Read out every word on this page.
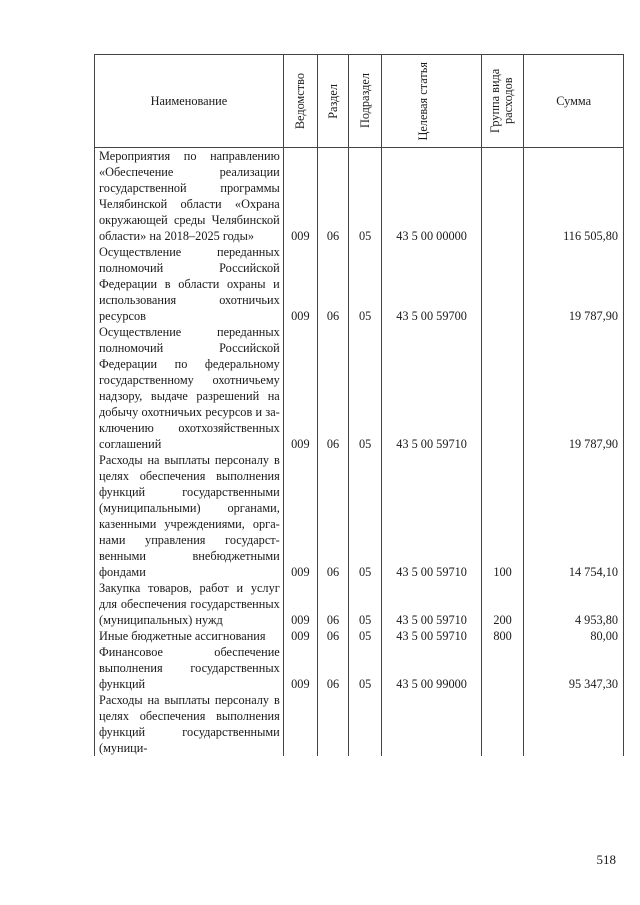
Наименование	Ведомство	Раздел	Подраздел	Целевая статья	Группа вида расходов	Сумма
Мероприятия по направлению «Обеспечение реализации государственной программы Челябинской области «Охрана окружающей среды Челябинской области» на 2018–2025 годы»	009	06	05	43 5 00 00000		116 505,80
Осуществление переданных полномочий Российской Федерации в области охраны и использования охотничьих ресурсов	009	06	05	43 5 00 59700		19 787,90
Осуществление переданных полномочий Российской Федерации по федеральному государственному охотничьему надзору, выдаче разрешений на добычу охотничьих ресурсов и заключению охотхозяйственных соглашений	009	06	05	43 5 00 59710		19 787,90
Расходы на выплаты персоналу в целях обеспечения выполнения функций государственными (муниципальными) органами, казенными учреждениями, органами управления государственными внебюджетными фондами	009	06	05	43 5 00 59710	100	14 754,10
Закупка товаров, работ и услуг для обеспечения государственных (муниципальных) нужд	009	06	05	43 5 00 59710	200	4 953,80
Иные бюджетные ассигнования	009	06	05	43 5 00 59710	800	80,00
Финансовое обеспечение выполнения государственных функций	009	06	05	43 5 00 99000		95 347,30
Расходы на выплаты персоналу в целях обеспечения выполнения функций государственными (муници-						
518
